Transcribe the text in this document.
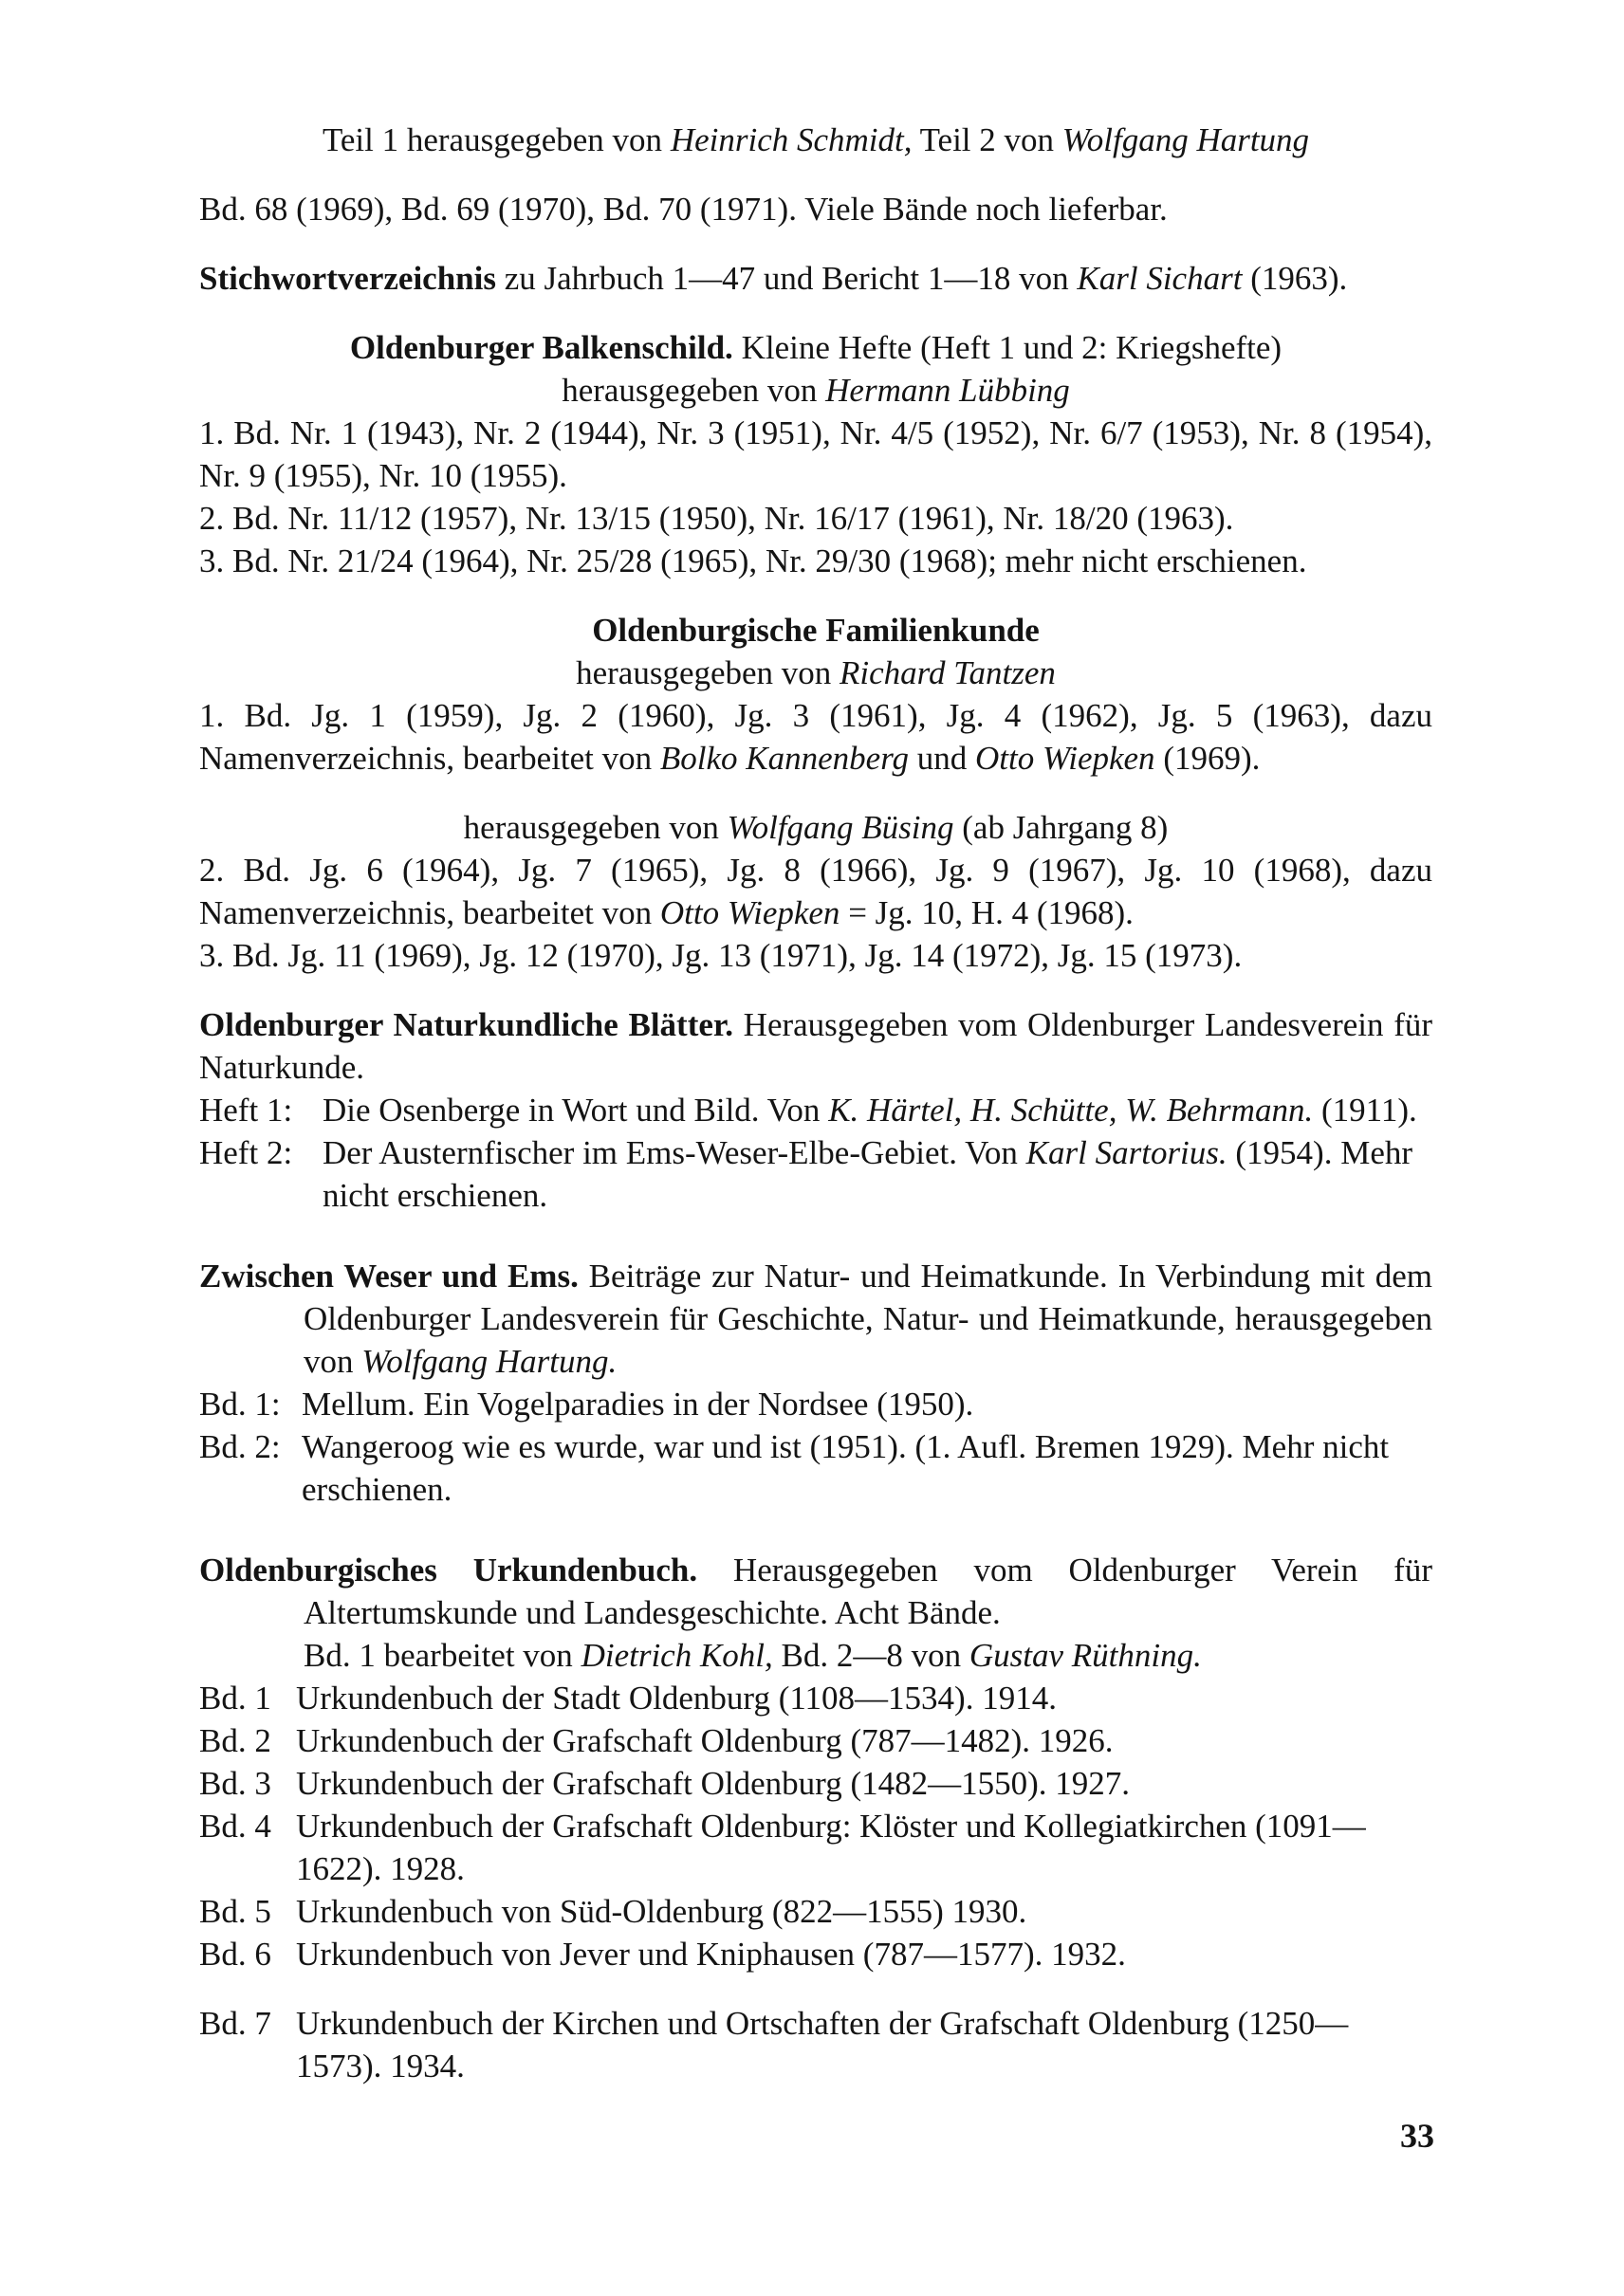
Teil 1 herausgegeben von Heinrich Schmidt, Teil 2 von Wolfgang Hartung

Bd. 68 (1969), Bd. 69 (1970), Bd. 70 (1971). Viele Bände noch lieferbar.

Stichwortverzeichnis zu Jahrbuch 1—47 und Bericht 1—18 von Karl Sichart (1963).

Oldenburger Balkenschild. Kleine Hefte (Heft 1 und 2: Kriegshefte)

herausgegeben von Hermann Lübbing

1. Bd. Nr. 1 (1943), Nr. 2 (1944), Nr. 3 (1951), Nr. 4/5 (1952), Nr. 6/7 (1953), Nr. 8 (1954), Nr. 9 (1955), Nr. 10 (1955).

2. Bd. Nr. 11/12 (1957), Nr. 13/15 (1950), Nr. 16/17 (1961), Nr. 18/20 (1963).

3. Bd. Nr. 21/24 (1964), Nr. 25/28 (1965), Nr. 29/30 (1968); mehr nicht erschienen.

Oldenburgische Familienkunde

herausgegeben von Richard Tantzen

1. Bd. Jg. 1 (1959), Jg. 2 (1960), Jg. 3 (1961), Jg. 4 (1962), Jg. 5 (1963), dazu Namenverzeichnis, bearbeitet von Bolko Kannenberg und Otto Wiepken (1969).

herausgegeben von Wolfgang Büsing (ab Jahrgang 8)

2. Bd. Jg. 6 (1964), Jg. 7 (1965), Jg. 8 (1966), Jg. 9 (1967), Jg. 10 (1968), dazu Namenverzeichnis, bearbeitet von Otto Wiepken = Jg. 10, H. 4 (1968).

3. Bd. Jg. 11 (1969), Jg. 12 (1970), Jg. 13 (1971), Jg. 14 (1972), Jg. 15 (1973).

Oldenburger Naturkundliche Blätter. Herausgegeben vom Oldenburger Landesverein für Naturkunde.

Heft 1: Die Osenberge in Wort und Bild. Von K. Härtel, H. Schütte, W. Behrmann. (1911).
Heft 2: Der Austernfischer im Ems-Weser-Elbe-Gebiet. Von Karl Sartorius. (1954). Mehr nicht erschienen.

Zwischen Weser und Ems. Beiträge zur Natur- und Heimatkunde. In Verbindung mit dem Oldenburger Landesverein für Geschichte, Natur- und Heimatkunde, herausgegeben von Wolfgang Hartung.

Bd. 1: Mellum. Ein Vogelparadies in der Nordsee (1950).
Bd. 2: Wangeroog wie es wurde, war und ist (1951). (1. Aufl. Bremen 1929). Mehr nicht erschienen.

Oldenburgisches Urkundenbuch. Herausgegeben vom Oldenburger Verein für Altertumskunde und Landesgeschichte. Acht Bände.

Bd. 1 bearbeitet von Dietrich Kohl, Bd. 2—8 von Gustav Rüthning.

Bd. 1 Urkundenbuch der Stadt Oldenburg (1108—1534). 1914.
Bd. 2 Urkundenbuch der Grafschaft Oldenburg (787—1482). 1926.
Bd. 3 Urkundenbuch der Grafschaft Oldenburg (1482—1550). 1927.
Bd. 4 Urkundenbuch der Grafschaft Oldenburg: Klöster und Kollegiatkirchen (1091—1622). 1928.
Bd. 5 Urkundenbuch von Süd-Oldenburg (822—1555) 1930.
Bd. 6 Urkundenbuch von Jever und Kniphausen (787—1577). 1932.
Bd. 7 Urkundenbuch der Kirchen und Ortschaften der Grafschaft Oldenburg (1250—1573). 1934.
33
